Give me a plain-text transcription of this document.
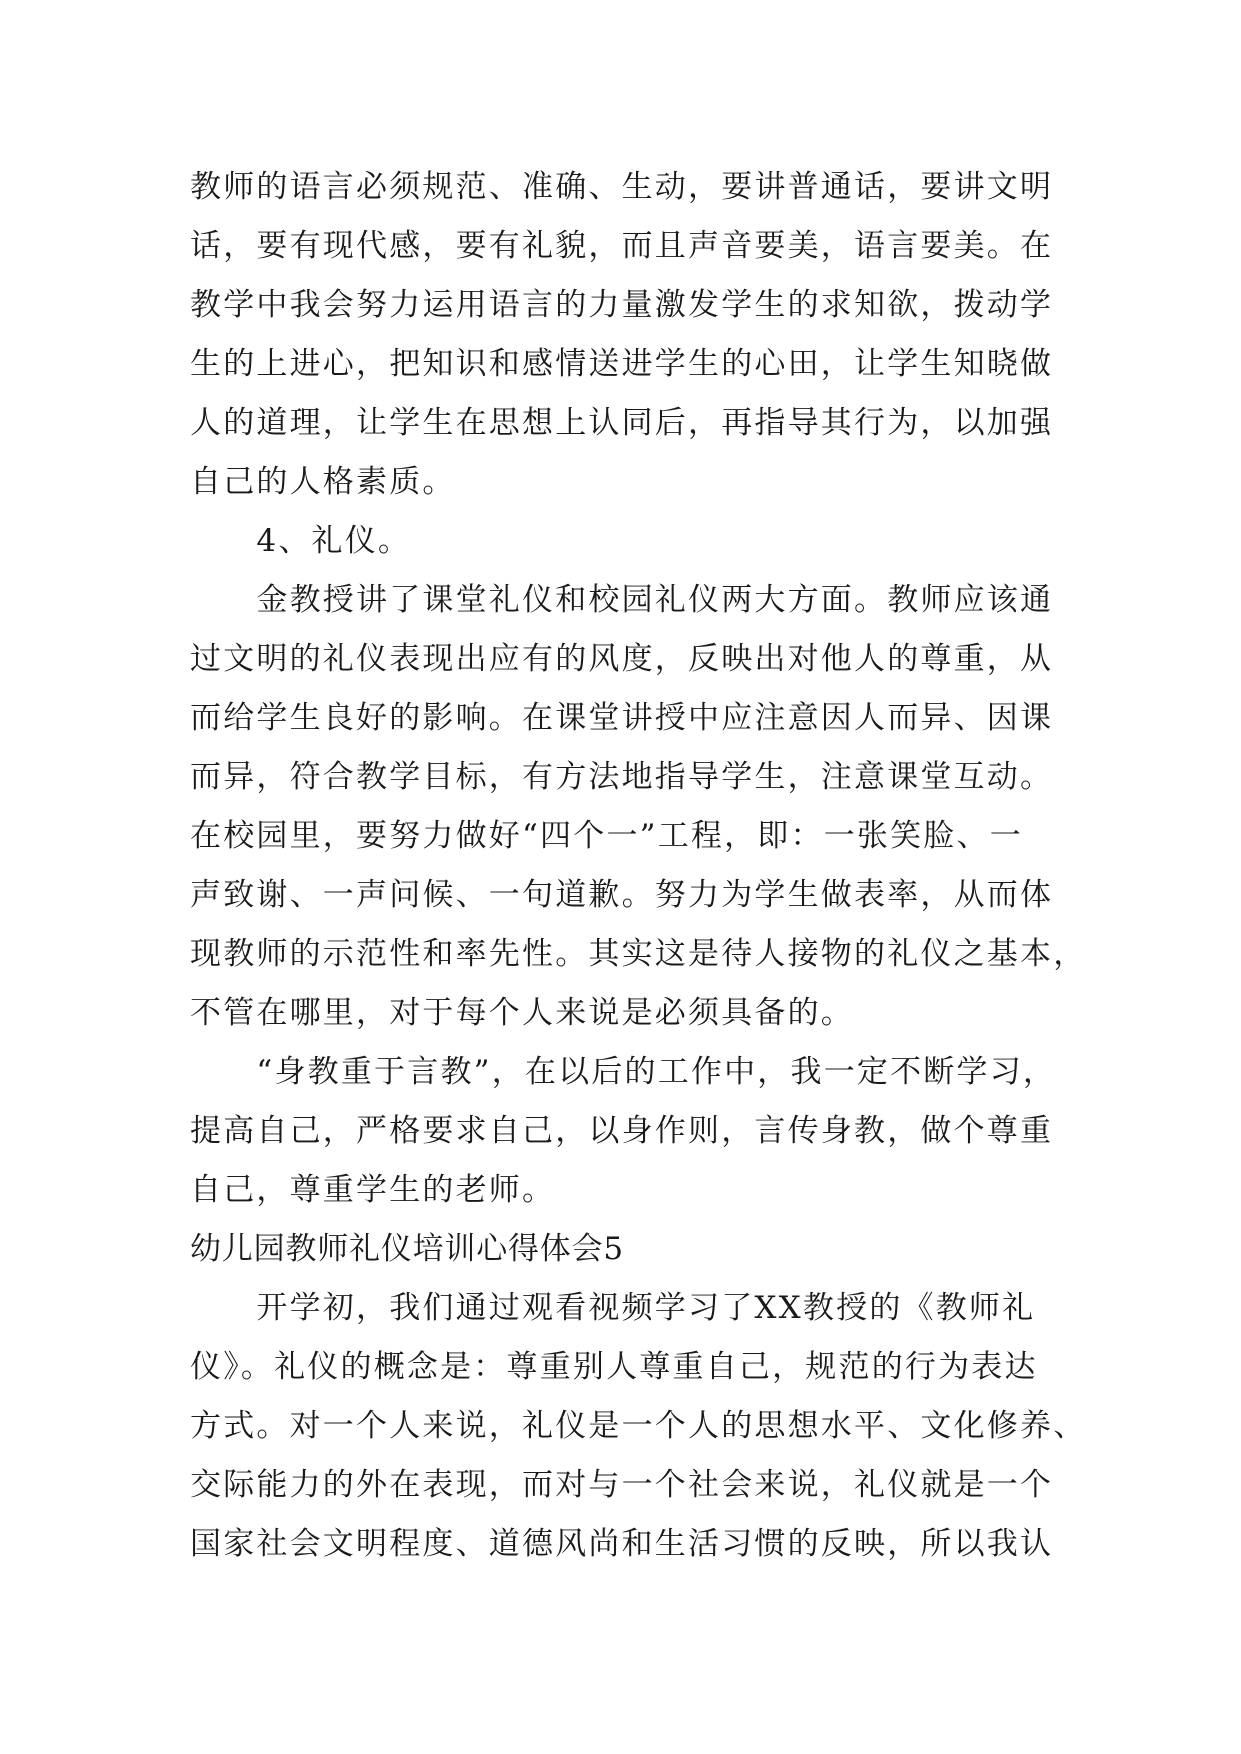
教师的语言必须规范、准确、生动，要讲普通话，要讲文明
话，要有现代感，要有礼貌，而且声音要美，语言要美。在
教学中我会努力运用语言的力量激发学生的求知欲，拨动学
生的上进心，把知识和感情送进学生的心田，让学生知晓做
人的道理，让学生在思想上认同后，再指导其行为，以加强
自己的人格素质。
　　4、礼仪。
　　金教授讲了课堂礼仪和校园礼仪两大方面。教师应该通
过文明的礼仪表现出应有的风度，反映出对他人的尊重，从
而给学生良好的影响。在课堂讲授中应注意因人而异、因课
而异，符合教学目标，有方法地指导学生，注意课堂互动。
在校园里，要努力做好“四个一”工程，即：一张笑脸、一
声致谢、一声问候、一句道歉。努力为学生做表率，从而体
现教师的示范性和率先性。其实这是待人接物的礼仪之基本，
不管在哪里，对于每个人来说是必须具备的。
　　“身教重于言教”，在以后的工作中，我一定不断学习，
提高自己，严格要求自己，以身作则，言传身教，做个尊重
自己，尊重学生的老师。
幼儿园教师礼仪培训心得体会5
　　开学初，我们通过观看视频学习了XX教授的《教师礼
仪》。礼仪的概念是：尊重别人尊重自己，规范的行为表达
方式。对一个人来说，礼仪是一个人的思想水平、文化修养、
交际能力的外在表现，而对与一个社会来说，礼仪就是一个
国家社会文明程度、道德风尚和生活习惯的反映，所以我认
